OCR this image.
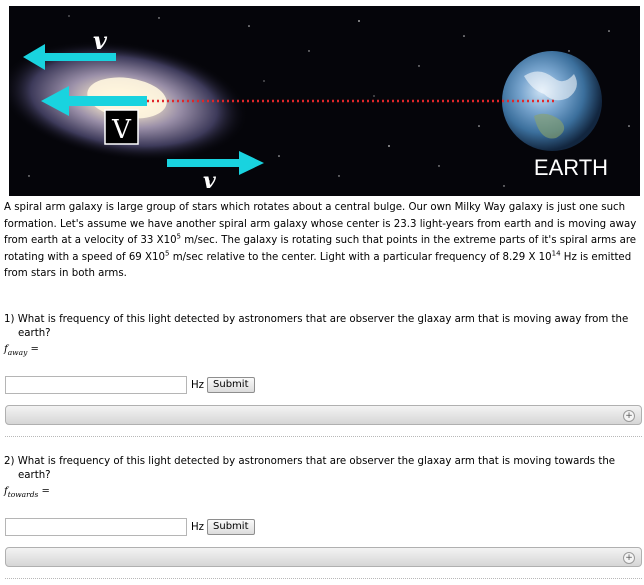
v
v
V
EARTH
A spiral arm galaxy is large group of stars which rotates about a central bulge. Our own Milky Way galaxy is just one such formation. Let's assume we have another spiral arm galaxy whose center is 23.3 light-years from earth and is moving away from earth at a velocity of 33 $X10^5$ m/sec. The galaxy is rotating such that points in the extreme parts of it's spiral arms are rotating with a speed of 69 $X10^5$ m/sec relative to the center. Light with a particular frequency of 8.29 X $10^{14}$ Hz is emitted from stars in both arms.
1) What is frequency of this light detected by astronomers that are observer the glaxay arm that is moving away from the earth?
$f_{away}$ =
Hz Submit
+
2) What is frequency of this light detected by astronomers that are observer the glaxay arm that is moving towards the earth?
$f_{towards}$ =
Hz Submit
+
